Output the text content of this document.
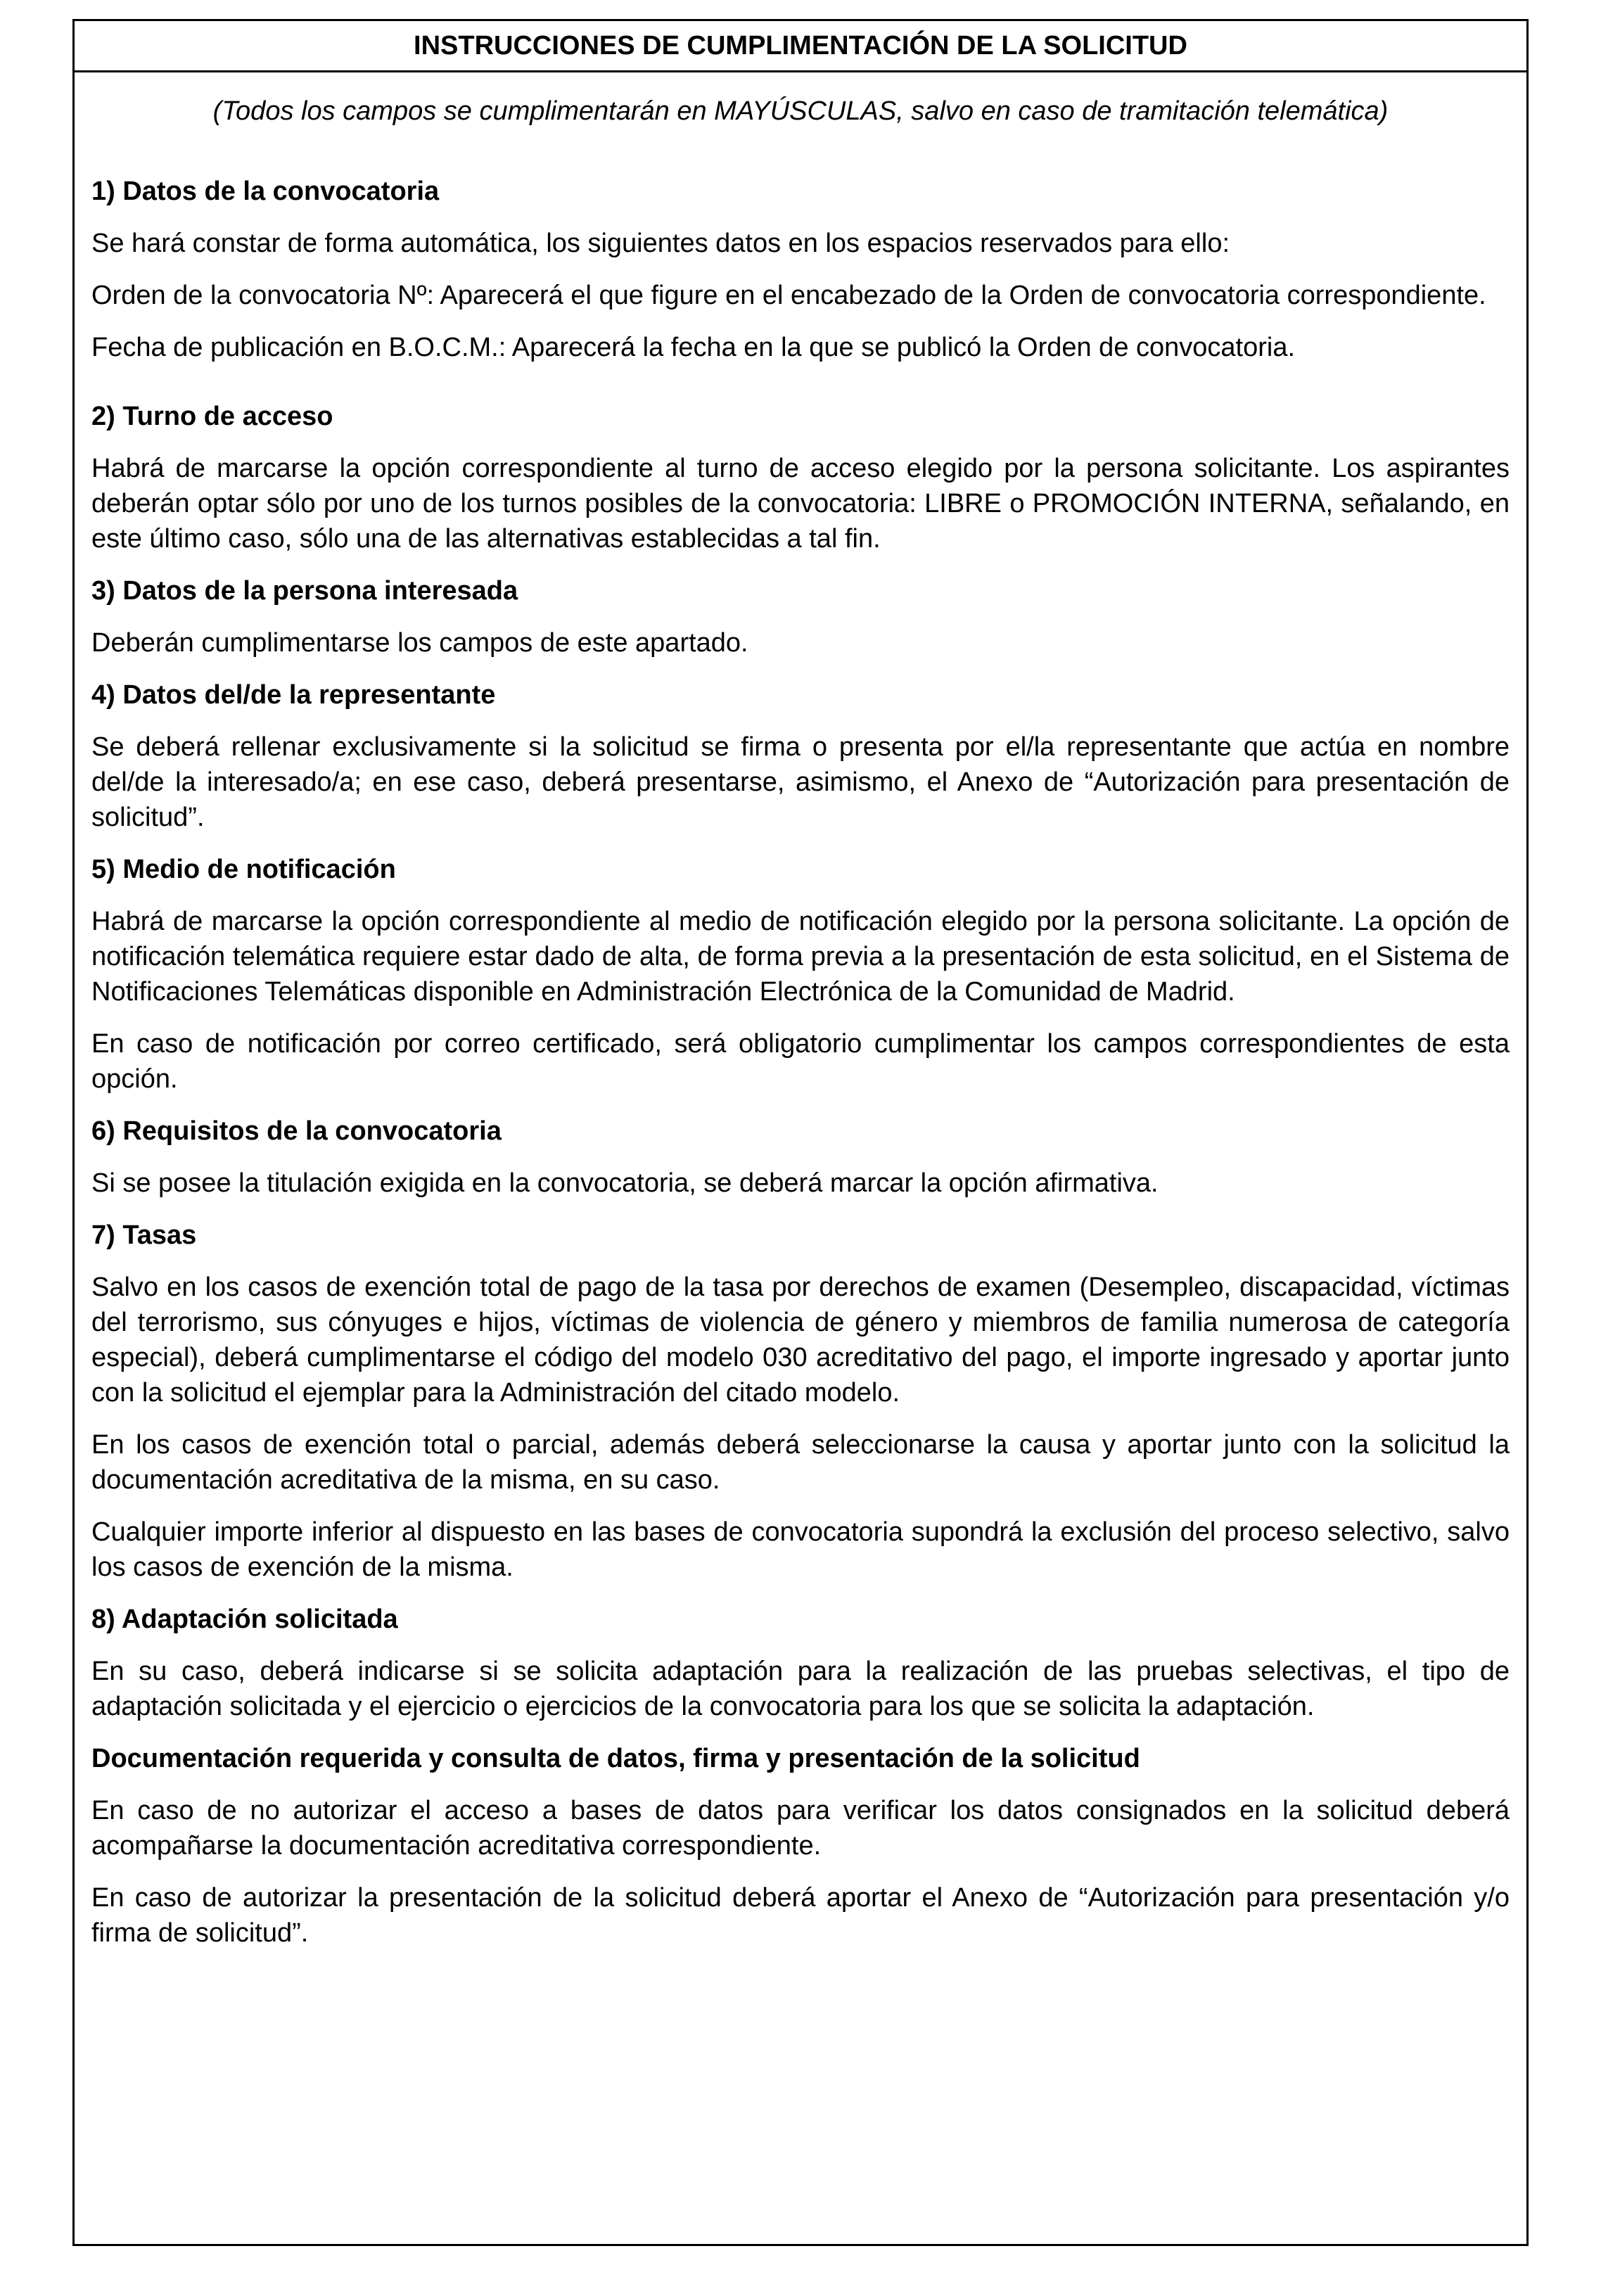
INSTRUCCIONES DE CUMPLIMENTACIÓN DE LA SOLICITUD
(Todos los campos se cumplimentarán en MAYÚSCULAS, salvo en caso de tramitación telemática)
1) Datos de la convocatoria
Se hará constar de forma automática, los siguientes datos en los espacios reservados para ello:
Orden de la convocatoria Nº: Aparecerá el que figure en el encabezado de la Orden de convocatoria correspondiente.
Fecha de publicación en B.O.C.M.: Aparecerá la fecha en la que se publicó la Orden de convocatoria.
2) Turno de acceso
Habrá de marcarse la opción correspondiente al turno de acceso elegido por la persona solicitante. Los aspirantes deberán optar sólo por uno de los turnos posibles de la convocatoria: LIBRE o PROMOCIÓN INTERNA, señalando, en este último caso, sólo una de las alternativas establecidas a tal fin.
3) Datos de la persona interesada
Deberán cumplimentarse los campos de este apartado.
4) Datos del/de la representante
Se deberá rellenar exclusivamente si la solicitud se firma o presenta por el/la representante que actúa en nombre del/de la interesado/a; en ese caso, deberá presentarse, asimismo, el Anexo de “Autorización para presentación de solicitud”.
5) Medio de notificación
Habrá de marcarse la opción correspondiente al medio de notificación elegido por la persona solicitante. La opción de notificación telemática requiere estar dado de alta, de forma previa a la presentación de esta solicitud, en el Sistema de Notificaciones Telemáticas disponible en Administración Electrónica de la Comunidad de Madrid.
En caso de notificación por correo certificado, será obligatorio cumplimentar los campos correspondientes de esta opción.
6) Requisitos de la convocatoria
Si se posee la titulación exigida en la convocatoria, se deberá marcar la opción afirmativa.
7) Tasas
Salvo en los casos de exención total de pago de la tasa por derechos de examen (Desempleo, discapacidad, víctimas del terrorismo, sus cónyuges e hijos, víctimas de violencia de género y miembros de familia numerosa de categoría especial), deberá cumplimentarse el código del modelo 030 acreditativo del pago, el importe ingresado y aportar junto con la solicitud el ejemplar para la Administración del citado modelo.
En los casos de exención total o parcial, además deberá seleccionarse la causa y aportar junto con la solicitud la documentación acreditativa de la misma, en su caso.
Cualquier importe inferior al dispuesto en las bases de convocatoria supondrá la exclusión del proceso selectivo, salvo los casos de exención de la misma.
8) Adaptación solicitada
En su caso, deberá indicarse si se solicita adaptación para la realización de las pruebas selectivas, el tipo de adaptación solicitada y el ejercicio o ejercicios de la convocatoria para los que se solicita la adaptación.
Documentación requerida y consulta de datos, firma y presentación de la solicitud
En caso de no autorizar el acceso a bases de datos para verificar los datos consignados en la solicitud deberá acompañarse la documentación acreditativa correspondiente.
En caso de autorizar la presentación de la solicitud deberá aportar el Anexo de “Autorización para presentación y/o firma de solicitud”.
